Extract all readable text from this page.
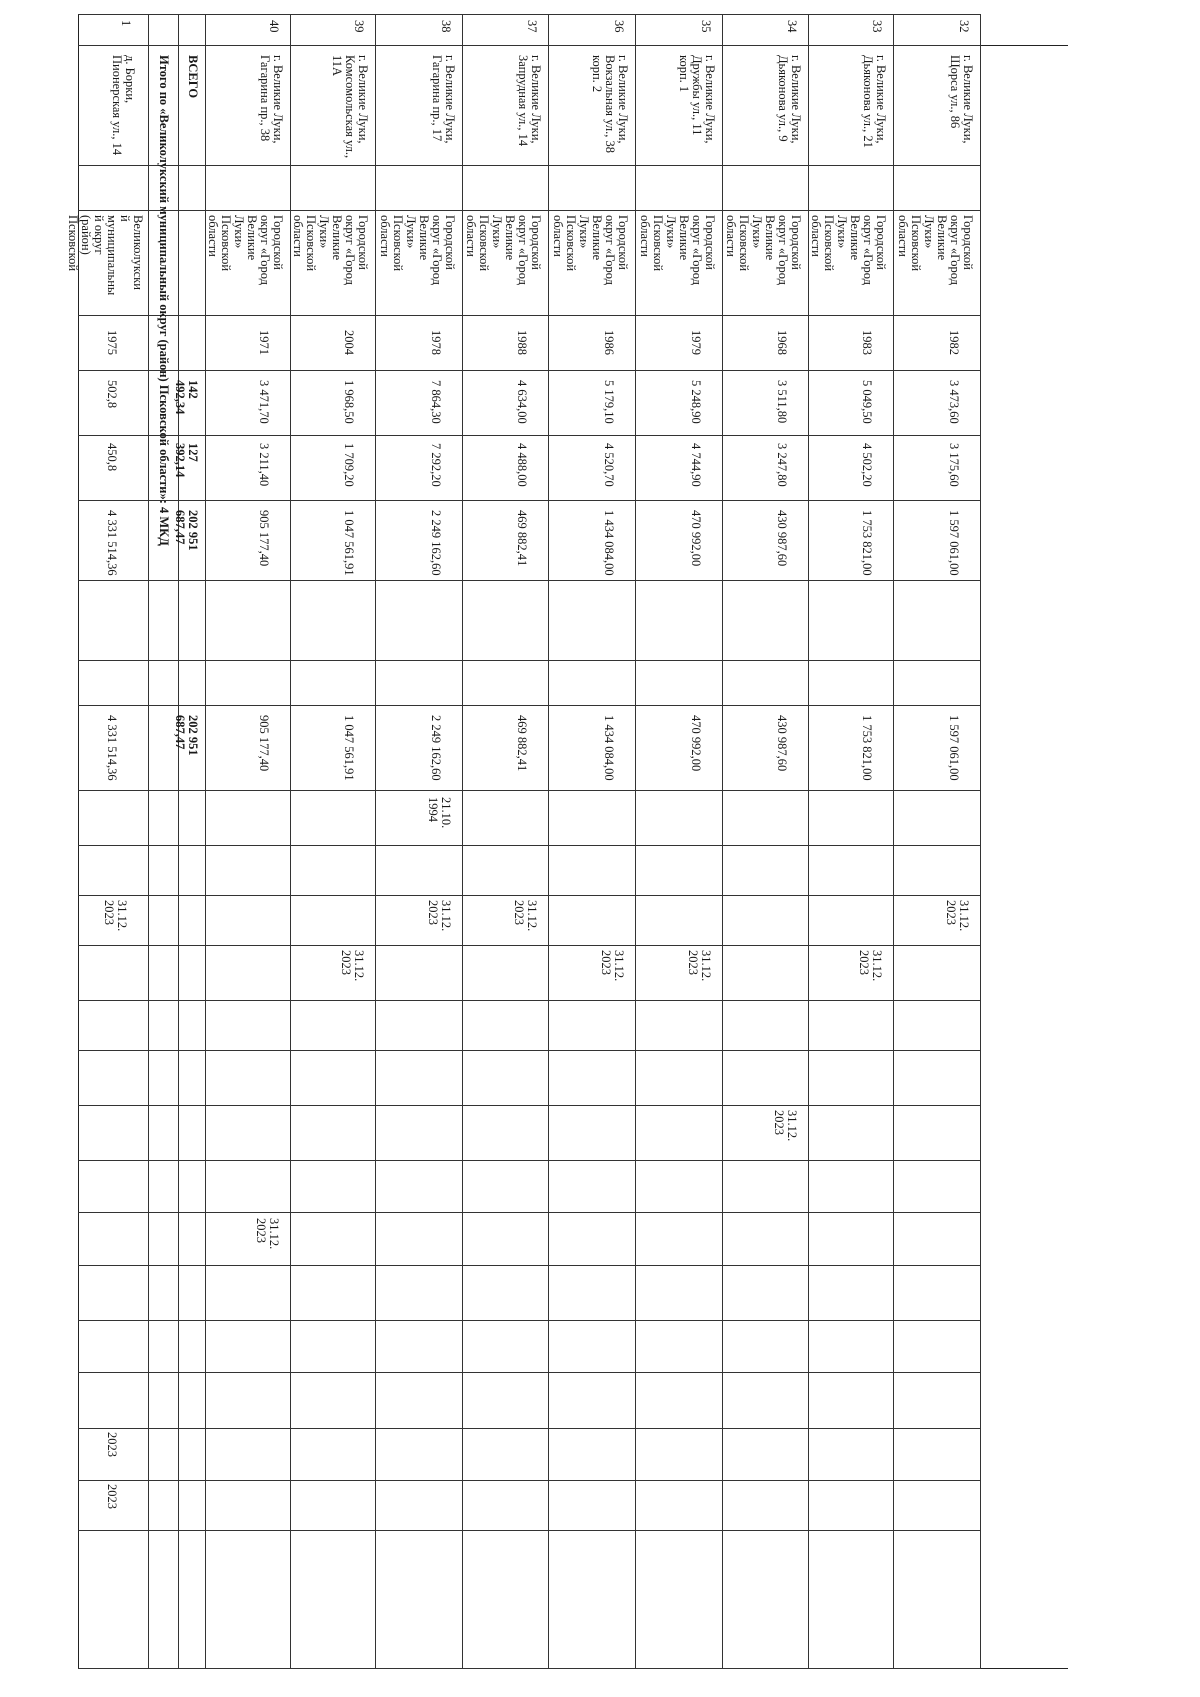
1
д. Борки,
Пионерская ул., 14
Великолукски
й
муниципальны
й округ
(район)
Псковской
1975
502,8
450,8
4 331 514,36
4 331 514,36
31.12.
2023
2023
2023
Итого по «Великолукский муниципальный округ (район) Псковской области»: 4 МКД ВСЕГО
142
492,34
127
392,14
202 951
687,47
202 951
687,47
40
г. Великие Луки,
Гагарина пр., 38
Городской
округ «Город
Великие
Луки»
Псковской
области
1971
3 471,70
3 211,40
905 177,40
905 177,40
31.12.
2023
39
г. Великие Луки,
Комсомольская ул.,
11А
Городской
округ «Город
Великие
Луки»
Псковской
области
2004
1 968,50
1 709,20
1 047 561,91
1 047 561,91
31.12.
2023
38
г. Великие Луки,
Гагарина пр., 17
Городской
округ «Город
Великие
Луки»
Псковской
области
1978
7 864,30
7 292,20
2 249 162,60
2 249 162,60
21.10.
1994
31.12.
2023
37
г. Великие Луки,
Запрудная ул., 14
Городской
округ «Город
Великие
Луки»
Псковской
области
1988
4 634,00
4 488,00
469 882,41
469 882,41
31.12.
2023
36
г. Великие Луки,
Вокзальная ул., 38
корп. 2
Городской
округ «Город
Великие
Луки»
Псковской
области
1986
5 179,10
4 520,70
1 434 084,00
1 434 084,00
31.12.
2023
35
г. Великие Луки,
Дружбы ул., 11
корп. 1
Городской
округ «Город
Великие
Луки»
Псковской
области
1979
5 248,90
4 744,90
470 992,00
470 992,00
31.12.
2023
34
г. Великие Луки,
Дьяконова ул., 9
Городской
округ «Город
Великие
Луки»
Псковской
области
1968
3 511,80
3 247,80
430 987,60
430 987,60
31.12.
2023
33
г. Великие Луки,
Дьяконова ул., 21
Городской
округ «Город
Великие
Луки»
Псковской
области
1983
5 049,50
4 502,20
1 753 821,00
1 753 821,00
31.12.
2023
32
г. Великие Луки,
Щорса ул., 86
Городской
округ «Город
Великие
Луки»
Псковской
области
1982
3 473,60
3 175,60
1 597 061,00
1 597 061,00
31.12.
2023
